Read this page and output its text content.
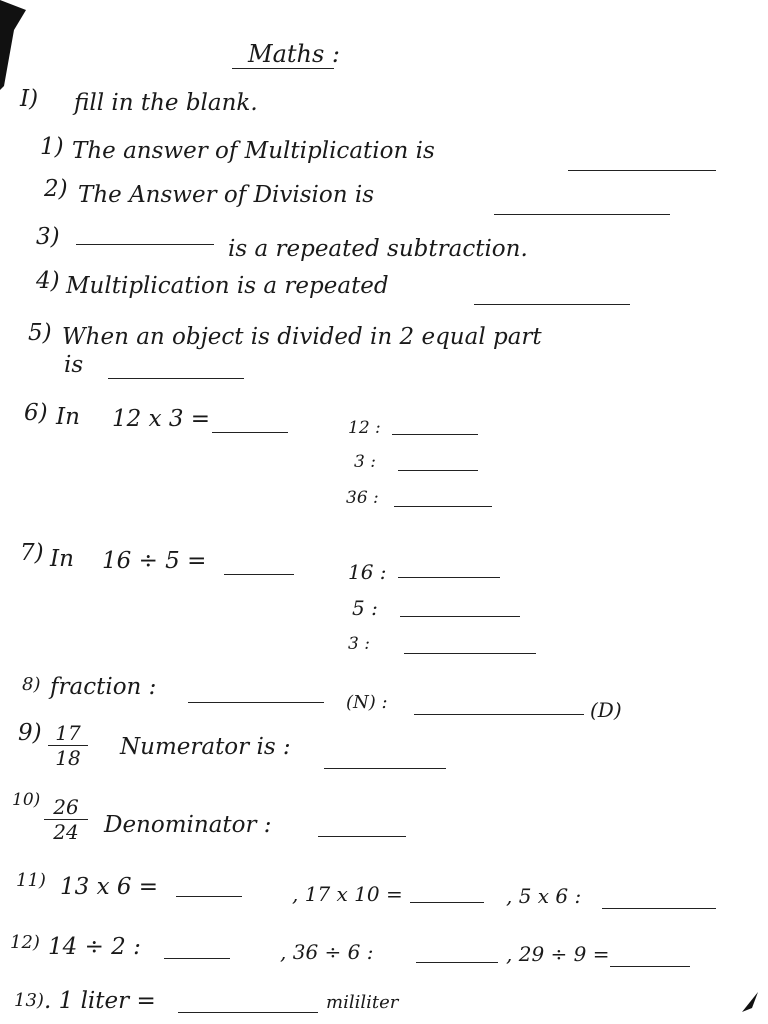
Maths :
I) fill in the blank.
1) The answer of Multiplication is
2) The Answer of Division is
3)	is a repeated subtraction.
4) Multiplication is a repeated
5) When an object is divided in 2 equal part
is
6) In 12 x 3 =	12 :
3 :
36 :
7) In 16 ÷ 5 =	16 :
5 :
3 :
8) fraction :
(N) :	(D)
9) 17
18	Numerator is :
10) 26
24	Denominator :
11) 13 x 6 =	, 17 x 10 =	, 5 x 6 :
12) 14 ÷ 2 :	, 36 ÷ 6 :	, 29 ÷ 9 =
13) . 1 liter =	mililiter
